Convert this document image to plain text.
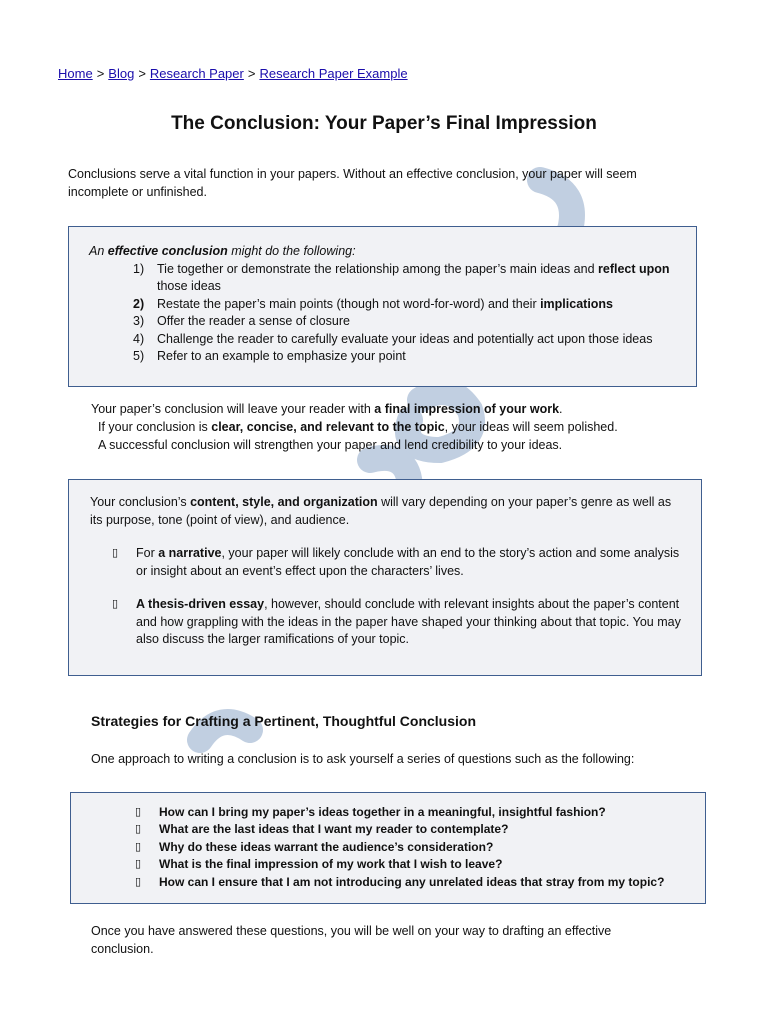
Home > Blog > Research Paper > Research Paper Example
The Conclusion: Your Paper’s Final Impression

Conclusions serve a vital function in your papers. Without an effective conclusion, your paper will seem incomplete or unfinished.

An effective conclusion might do the following:

1) Tie together or demonstrate the relationship among the paper’s main ideas and reflect upon those ideas
2) Restate the paper’s main points (though not word-for-word) and their implications
3) Offer the reader a sense of closure
4) Challenge the reader to carefully evaluate your ideas and potentially act upon those ideas
5) Refer to an example to emphasize your point

Your paper’s conclusion will leave your reader with a final impression of your work.

If your conclusion is clear, concise, and relevant to the topic, your ideas will seem polished.

A successful conclusion will strengthen your paper and lend credibility to your ideas.

Your conclusion’s content, style, and organization will vary depending on your paper’s genre as well as its purpose, tone (point of view), and audience.

▯ For a narrative, your paper will likely conclude with an end to the story’s action and some analysis or insight about an event’s effect upon the characters’ lives.
▯ A thesis-driven essay, however, should conclude with relevant insights about the paper’s content and how grappling with the ideas in the paper have shaped your thinking about that topic. You may also discuss the larger ramifications of your topic.
Strategies for Crafting a Pertinent, Thoughtful Conclusion

One approach to writing a conclusion is to ask yourself a series of questions such as the following:

▯ How can I bring my paper’s ideas together in a meaningful, insightful fashion?
▯ What are the last ideas that I want my reader to contemplate?
▯ Why do these ideas warrant the audience’s consideration?
▯ What is the final impression of my work that I wish to leave?
▯ How can I ensure that I am not introducing any unrelated ideas that stray from my topic?

Once you have answered these questions, you will be well on your way to drafting an effective conclusion.
